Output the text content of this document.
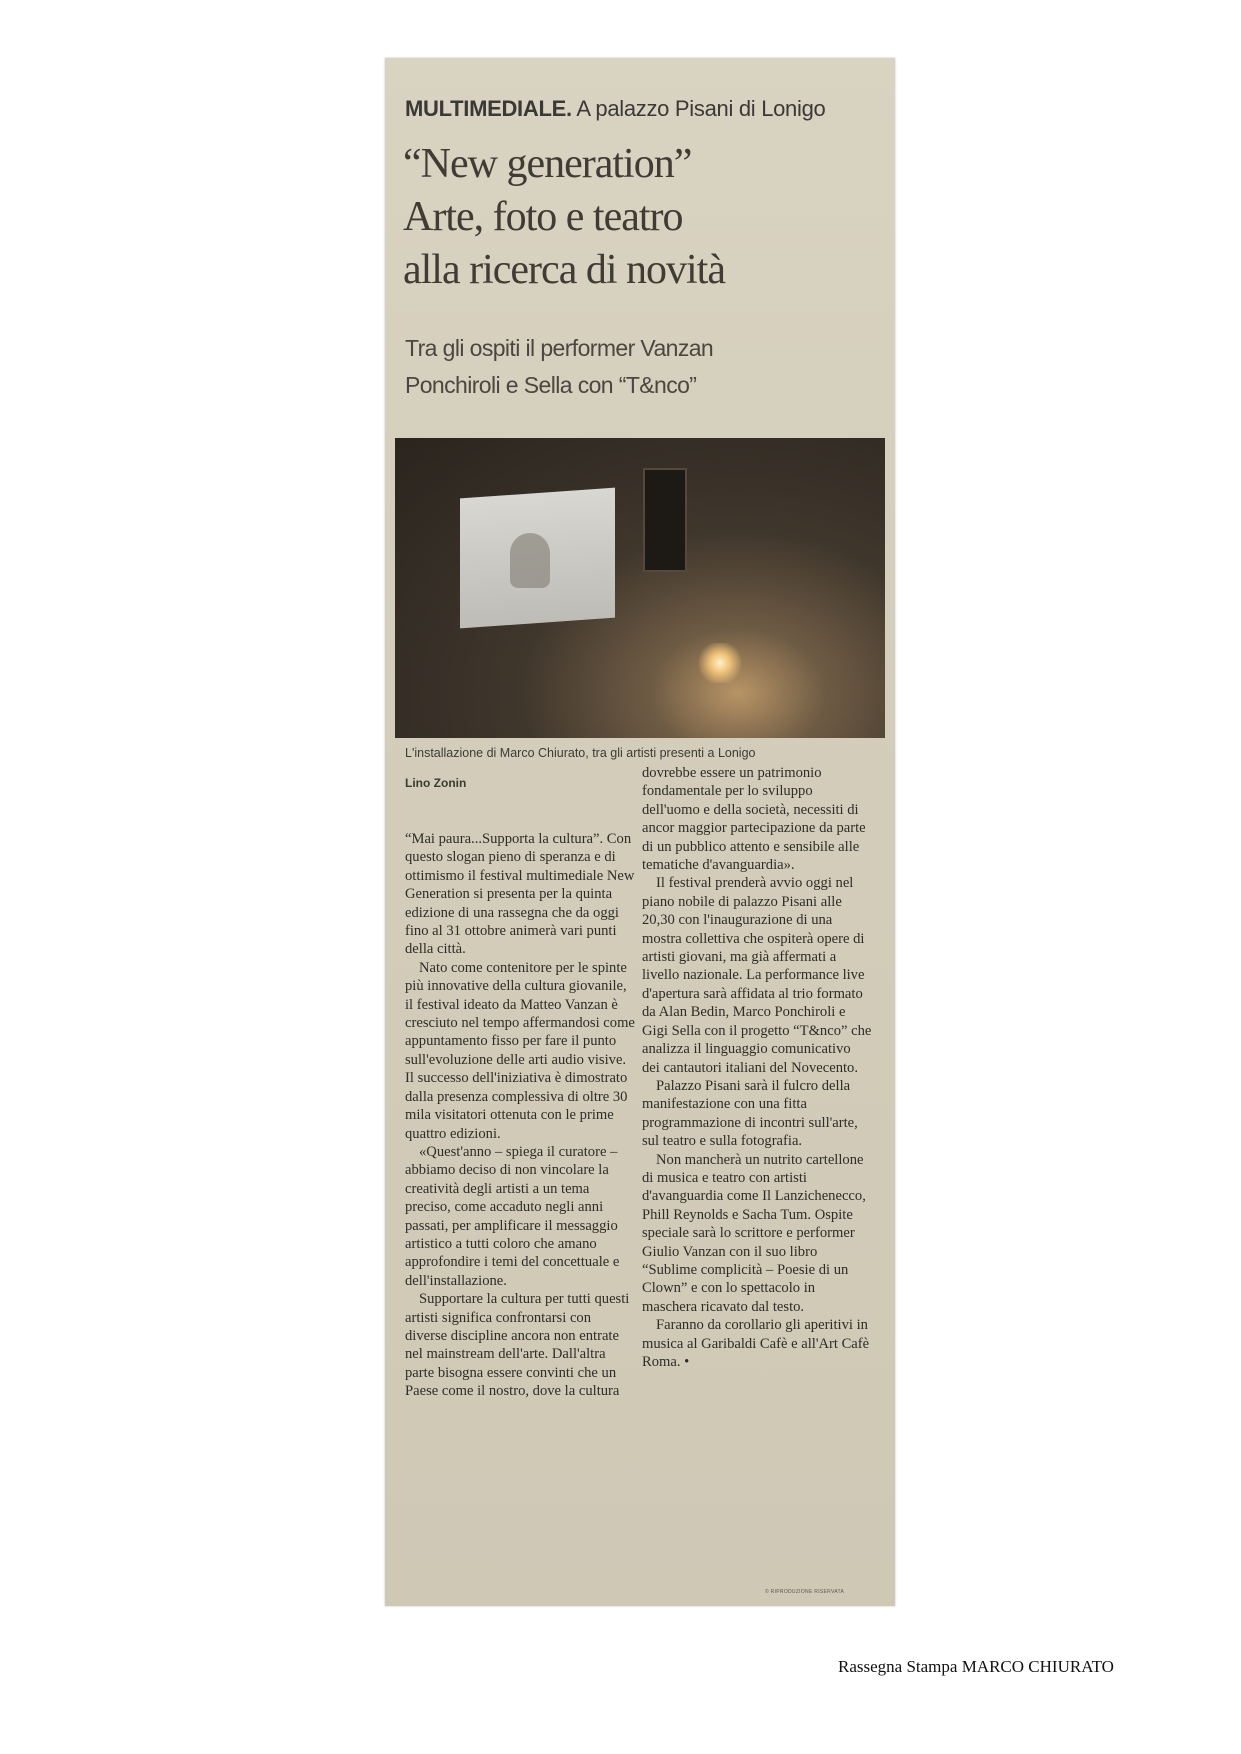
MULTIMEDIALE. A palazzo Pisani di Lonigo
“New generation”
Arte, foto e teatro
alla ricerca di novità
Tra gli ospiti il performer Vanzan
Ponchiroli e Sella con “T&nco”
L'installazione di Marco Chiurato, tra gli artisti presenti a Lonigo
Lino Zonin

“Mai paura...Supporta la cultura”. Con questo slogan pieno di speranza e di ottimismo il festival multimediale New Generation si presenta per la quinta edizione di una rassegna che da oggi fino al 31 ottobre animerà vari punti della città.

Nato come contenitore per le spinte più innovative della cultura giovanile, il festival ideato da Matteo Vanzan è cresciuto nel tempo affermandosi come appuntamento fisso per fare il punto sull'evoluzione delle arti audio visive. Il successo dell'iniziativa è dimostrato dalla presenza complessiva di oltre 30 mila visitatori ottenuta con le prime quattro edizioni.

«Quest'anno – spiega il curatore – abbiamo deciso di non vincolare la creatività degli artisti a un tema preciso, come accaduto negli anni passati, per amplificare il messaggio artistico a tutti coloro che amano approfondire i temi del concettuale e dell'installazione.

Supportare la cultura per tutti questi artisti significa confrontarsi con diverse discipline ancora non entrate nel mainstream dell'arte. Dall'altra parte bisogna essere convinti che un Paese come il nostro, dove la cultura

dovrebbe essere un patrimonio fondamentale per lo sviluppo dell'uomo e della società, necessiti di ancor maggior partecipazione da parte di un pubblico attento e sensibile alle tematiche d'avanguardia».

Il festival prenderà avvio oggi nel piano nobile di palazzo Pisani alle 20,30 con l'inaugurazione di una mostra collettiva che ospiterà opere di artisti giovani, ma già affermati a livello nazionale. La performance live d'apertura sarà affidata al trio formato da Alan Bedin, Marco Ponchiroli e Gigi Sella con il progetto “T&nco” che analizza il linguaggio comunicativo dei cantautori italiani del Novecento.

Palazzo Pisani sarà il fulcro della manifestazione con una fitta programmazione di incontri sull'arte, sul teatro e sulla fotografia.

Non mancherà un nutrito cartellone di musica e teatro con artisti d'avanguardia come Il Lanzichenecco, Phill Reynolds e Sacha Tum. Ospite speciale sarà lo scrittore e performer Giulio Vanzan con il suo libro “Sublime complicità – Poesie di un Clown” e con lo spettacolo in maschera ricavato dal testo.

Faranno da corollario gli aperitivi in musica al Garibaldi Cafè e all'Art Cafè Roma. •

© RIPRODUZIONE RISERVATA
Rassegna Stampa MARCO CHIURATO
